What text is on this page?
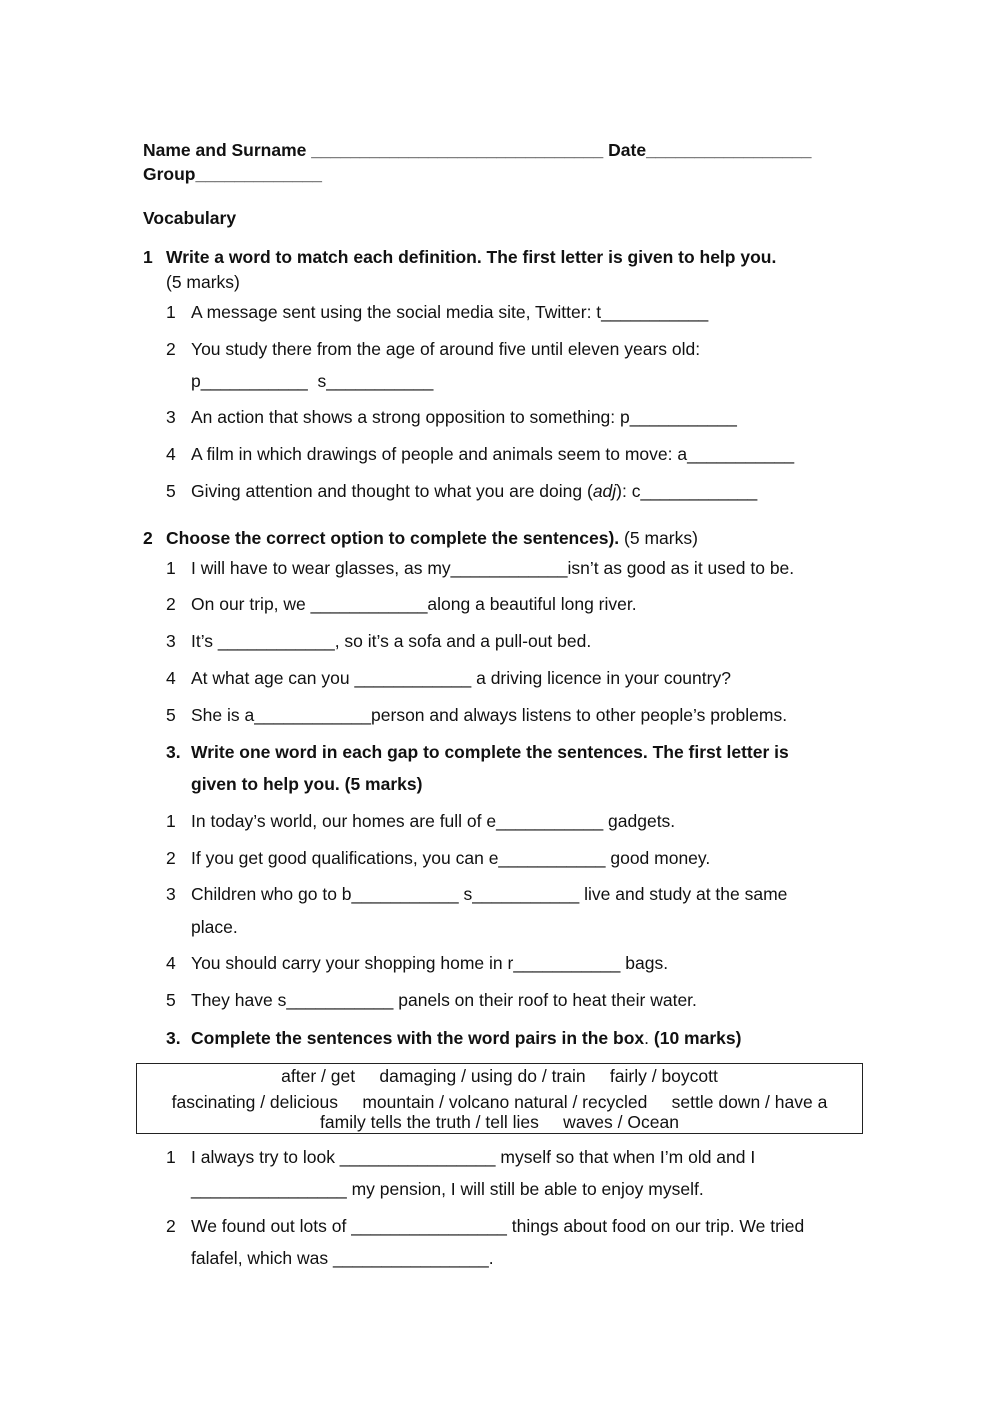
Name and Surname ______________________________ Date_________________
Group_____________
Vocabulary
1 Write a word to match each definition. The first letter is given to help you.
(5 marks)
1 A message sent using the social media site, Twitter: t___________
2 You study there from the age of around five until eleven years old:
p___________  s___________
3 An action that shows a strong opposition to something: p___________
4 A film in which drawings of people and animals seem to move: a___________
5 Giving attention and thought to what you are doing (adj): c____________
2 Choose the correct option to complete the sentences). (5 marks)
1 I will have to wear glasses, as my____________isn’t as good as it used to be.
2 On our trip, we ____________along a beautiful long river.
3 It’s ____________, so it’s a sofa and a pull-out bed.
4 At what age can you ____________ a driving licence in your country?
5 She is a____________person and always listens to other people’s problems.
3. Write one word in each gap to complete the sentences. The first letter is
given to help you. (5 marks)
1 In today’s world, our homes are full of e___________ gadgets.
2 If you get good qualifications, you can e___________ good money.
3 Children who go to b___________ s___________ live and study at the same
place.
4 You should carry your shopping home in r___________ bags.
5 They have s___________ panels on their roof to heat their water.
3. Complete the sentences with the word pairs in the box. (10 marks)
after / get     damaging / using do / train     fairly / boycott
fascinating / delicious     mountain / volcano natural / recycled     settle down / have a
family tells the truth / tell lies     waves / Ocean
1 I always try to look ________________ myself so that when I’m old and I
________________ my pension, I will still be able to enjoy myself.
2 We found out lots of ________________ things about food on our trip. We tried
falafel, which was ________________.
